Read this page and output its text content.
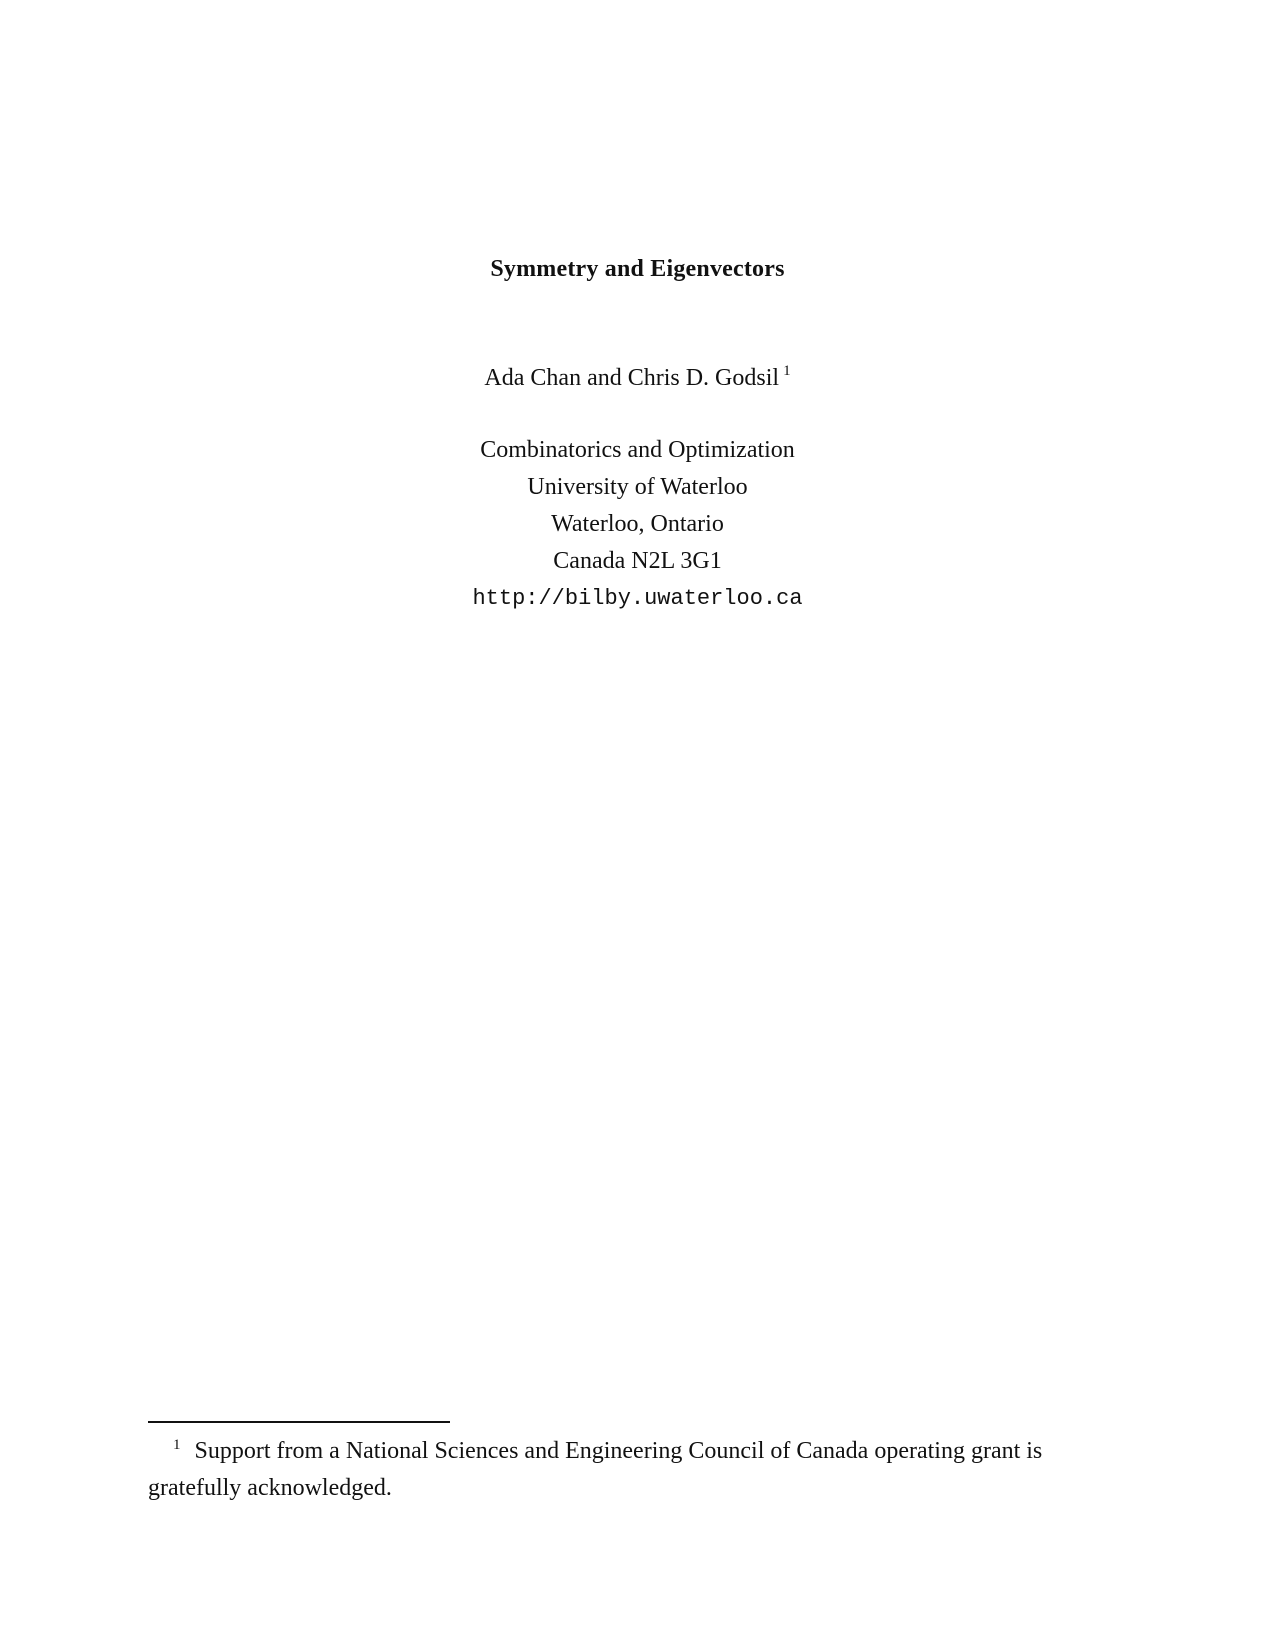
Symmetry and Eigenvectors
Ada Chan and Chris D. Godsil $^1$
Combinatorics and Optimization
University of Waterloo
Waterloo, Ontario
Canada N2L 3G1
http://bilby.uwaterloo.ca
$^1$ Support from a National Sciences and Engineering Council of Canada operating grant is gratefully acknowledged.
